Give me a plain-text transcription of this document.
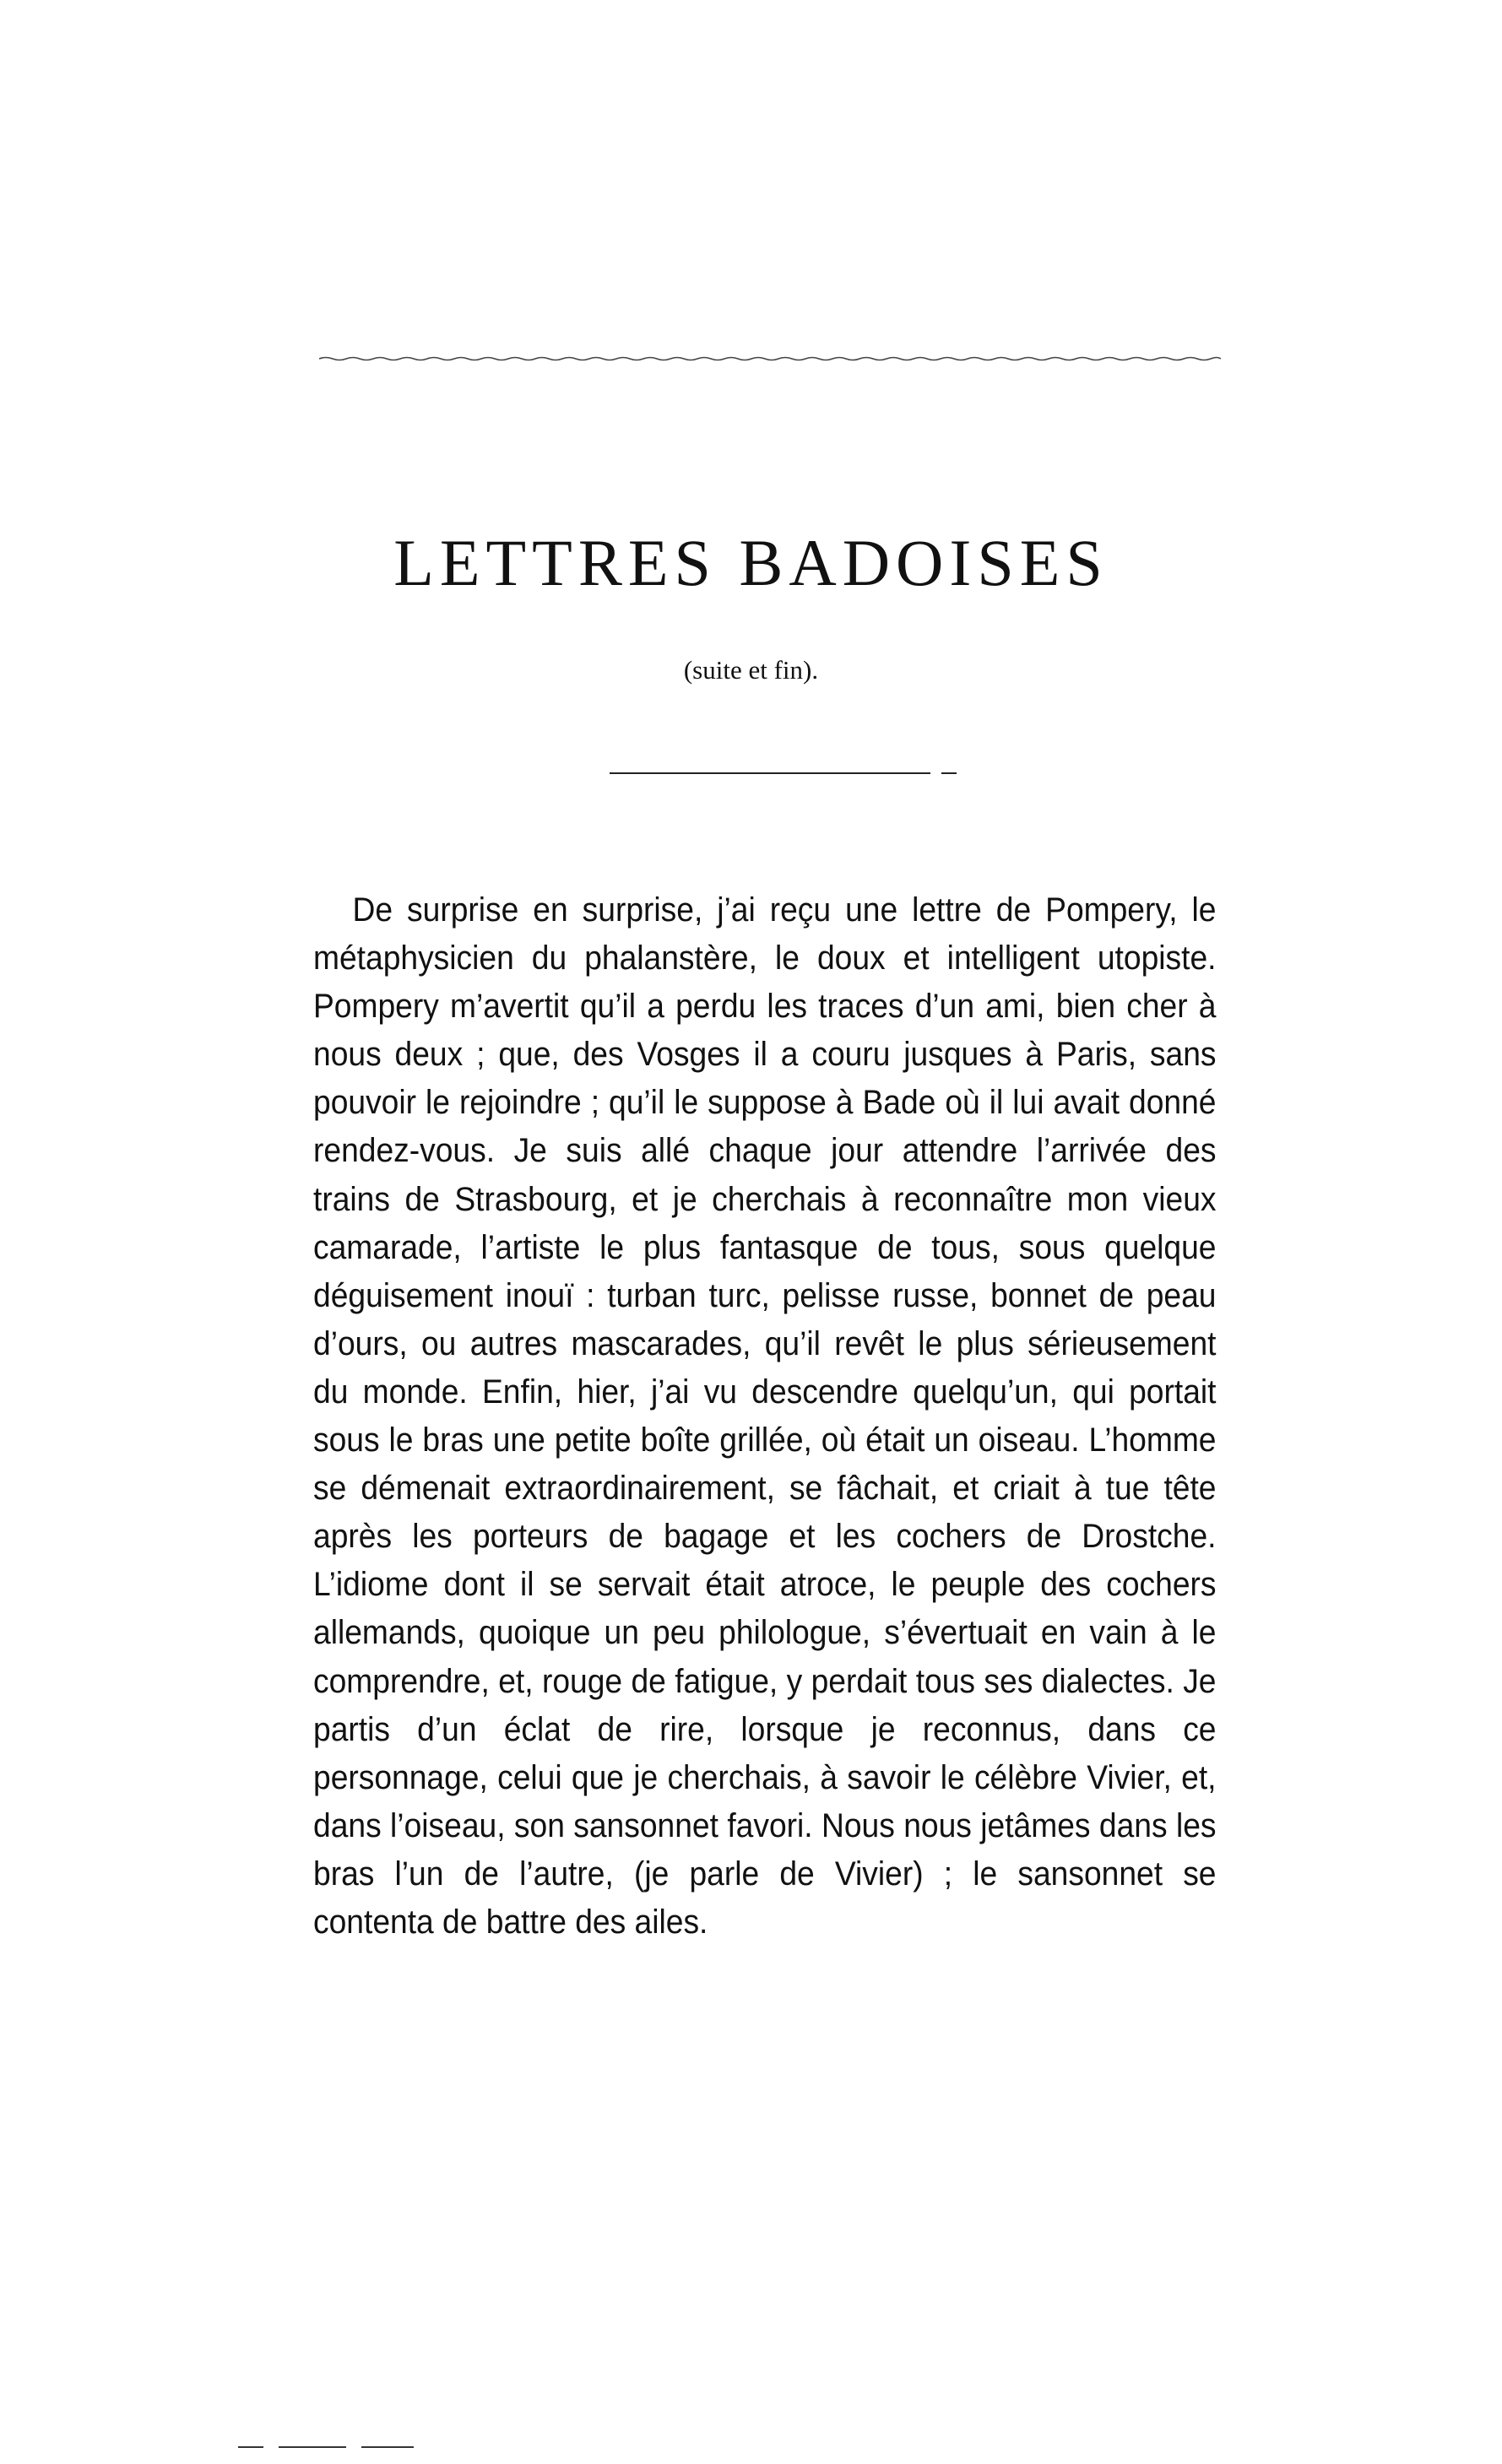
LETTRES BADOISES
(suite et fin).

De surprise en surprise, j’ai reçu une lettre de Pompery, le métaphysicien du phalanstère, le doux et intelligent utopiste. Pompery m’avertit qu’il a perdu les traces d’un ami, bien cher à nous deux ; que, des Vosges il a couru jusques à Paris, sans pouvoir le rejoindre ; qu’il le suppose à Bade où il lui avait donné rendez-vous. Je suis allé chaque jour attendre l’arrivée des trains de Strasbourg, et je cherchais à reconnaître mon vieux camarade, l’artiste le plus fantasque de tous, sous quelque déguisement inouï : turban turc, pelisse russe, bonnet de peau d’ours, ou autres mascarades, qu’il revêt le plus sérieusement du monde. Enfin, hier, j’ai vu descendre quelqu’un, qui portait sous le bras une petite boîte grillée, où était un oiseau. L’homme se démenait extraordinairement, se fâchait, et criait à tue tête après les porteurs de bagage et les cochers de Drostche. L’idiome dont il se servait était atroce, le peuple des cochers allemands, quoique un peu philologue, s’évertuait en vain à le comprendre, et, rouge de fatigue, y perdait tous ses dialectes. Je partis d’un éclat de rire, lorsque je reconnus, dans ce personnage, celui que je cherchais, à savoir le célèbre Vivier, et, dans l’oiseau, son sansonnet favori. Nous nous jetâmes dans les bras l’un de l’autre, (je parle de Vivier) ; le sansonnet se contenta de battre des ailes.
